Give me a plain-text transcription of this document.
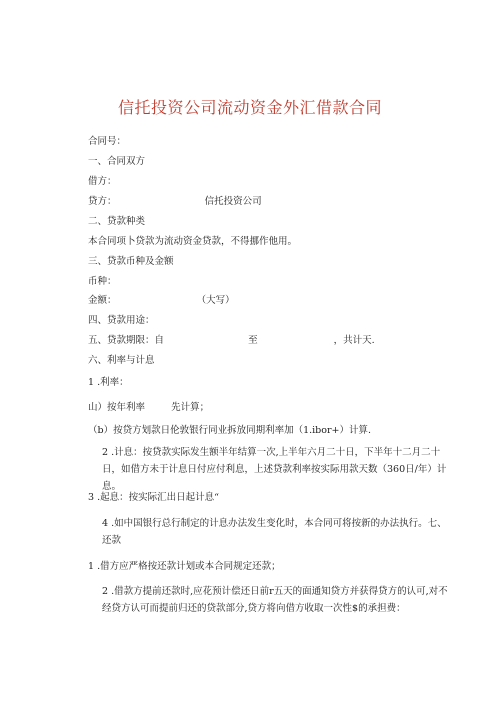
信托投资公司流动资金外汇借款合同
合同号：
一、合同双方
借方：
贷方：	信托投资公司
二、贷款种类
本合同项卜贷款为流动资金贷款，不得挪作他用。
三、贷款币种及金额
币种：
金额：	（大写）
四、贷款用途：
五、贷款期限：自	至	，共计天.
六、利率与计息
1 .利率：
山）按年利率	先计算；
（b）按贷方划款日伦敦银行同业拆放同期利率加（1.ibor+）计算.
2 .计息：按贷款实际发生额半年结算一次,上半年六月二十日，下半年十二月二十日，如借方未于计息日付应付利息，上述贷款利率按实际用款天数（360日/年）计息。
3 .起息：按实际汇出日起计息“
4 .如中国银行总行制定的计息办法发生变化时，本合同可将按新的办法执行。七、还款
1 .借方应严格按还款计划或本合同规定还款；
2 .借款方提前还款时,应花预计偿还日前r五天的面通知贷方并获得贷方的认可,对不经贷方认可而提前归还的贷款部分,贷方将向借方收取一次性$的承担费：
